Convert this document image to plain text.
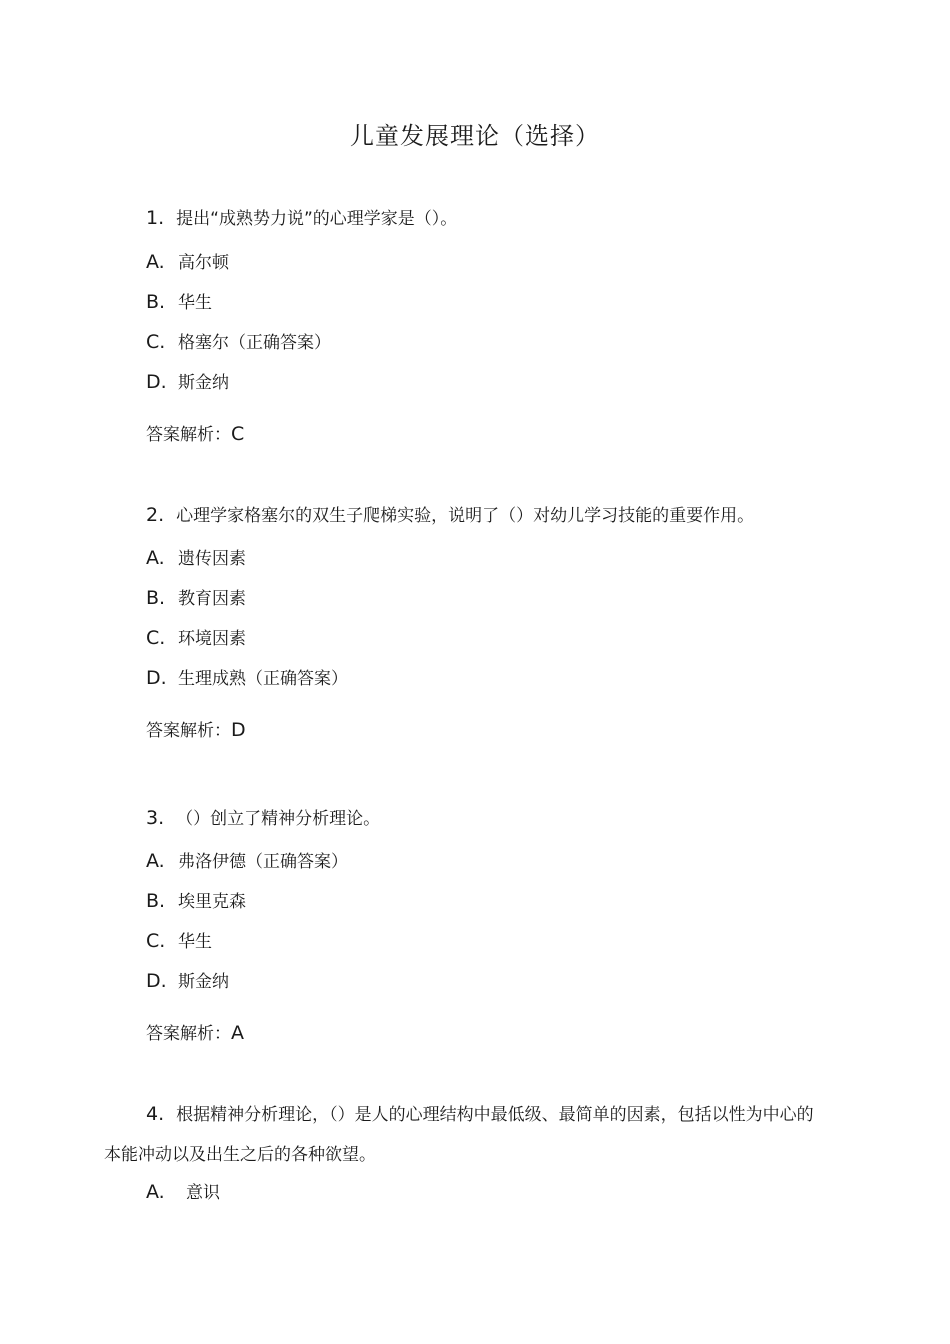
儿童发展理论（选择）
1. 提出“成熟势力说”的心理学家是（）。
A. 高尔顿
B. 华生
C. 格塞尔（正确答案）
D. 斯金纳
答案解析：C
2. 心理学家格塞尔的双生子爬梯实验，说明了（）对幼儿学习技能的重要作用。
A. 遗传因素
B. 教育因素
C. 环境因素
D. 生理成熟（正确答案）
答案解析：D
3. （）创立了精神分析理论。
A. 弗洛伊德（正确答案）
B. 埃里克森
C. 华生
D. 斯金纳
答案解析：A
4. 根据精神分析理论，（）是人的心理结构中最低级、最简单的因素，包括以性为中心的本能冲动以及出生之后的各种欲望。
A. 意识
